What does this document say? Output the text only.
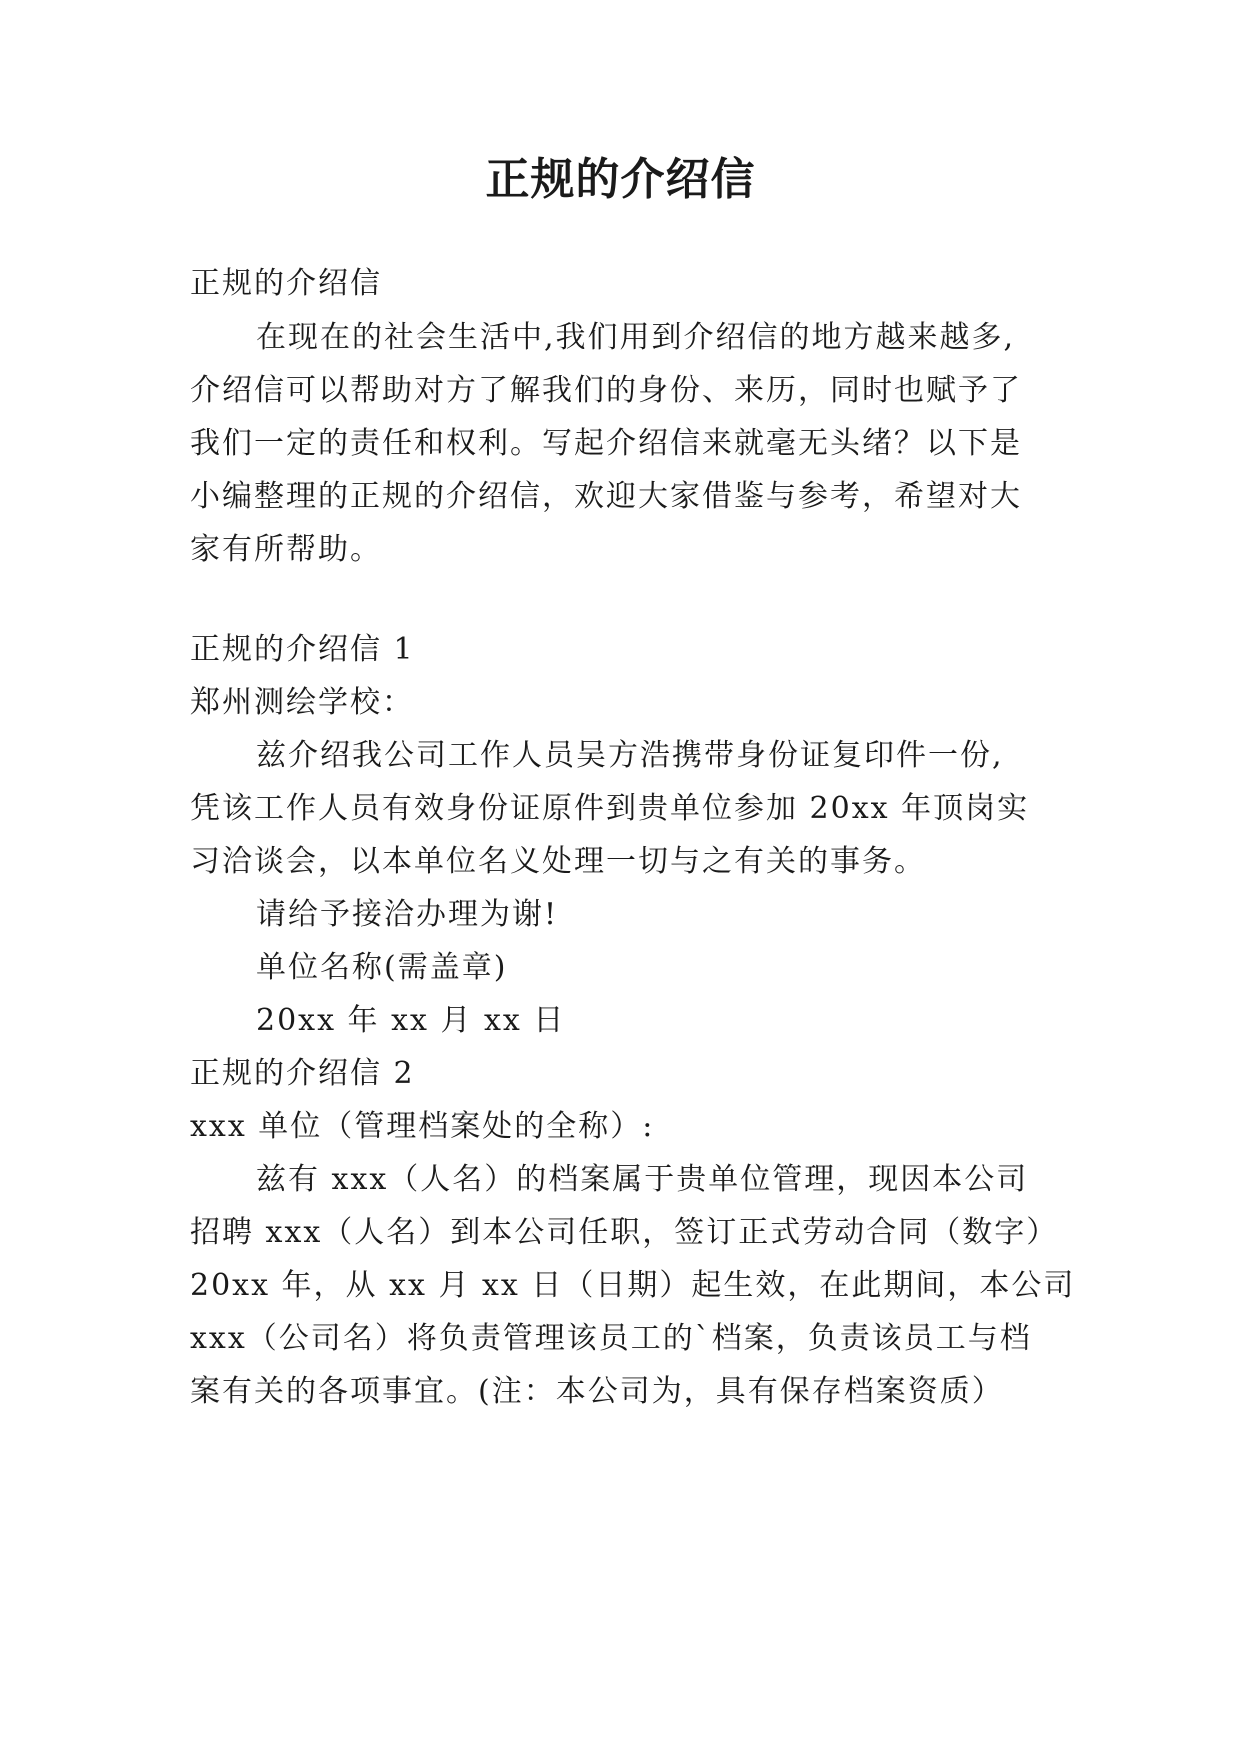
正规的介绍信
正规的介绍信
在现在的社会生活中,我们用到介绍信的地方越来越多,
介绍信可以帮助对方了解我们的身份、来历，同时也赋予了
我们一定的责任和权利。写起介绍信来就毫无头绪？以下是
小编整理的正规的介绍信，欢迎大家借鉴与参考，希望对大
家有所帮助。
正规的介绍信 1
郑州测绘学校：
兹介绍我公司工作人员吴方浩携带身份证复印件一份,
凭该工作人员有效身份证原件到贵单位参加 20xx 年顶岗实
习洽谈会，以本单位名义处理一切与之有关的事务。
请给予接洽办理为谢!
单位名称(需盖章)
20xx 年 xx 月 xx 日
正规的介绍信 2
xxx 单位（管理档案处的全称）:
兹有 xxx（人名）的档案属于贵单位管理，现因本公司
招聘 xxx（人名）到本公司任职，签订正式劳动合同（数字）
20xx 年，从 xx 月 xx 日（日期）起生效，在此期间，本公司
xxx（公司名）将负责管理该员工的`档案，负责该员工与档
案有关的各项事宜。(注：本公司为，具有保存档案资质）
